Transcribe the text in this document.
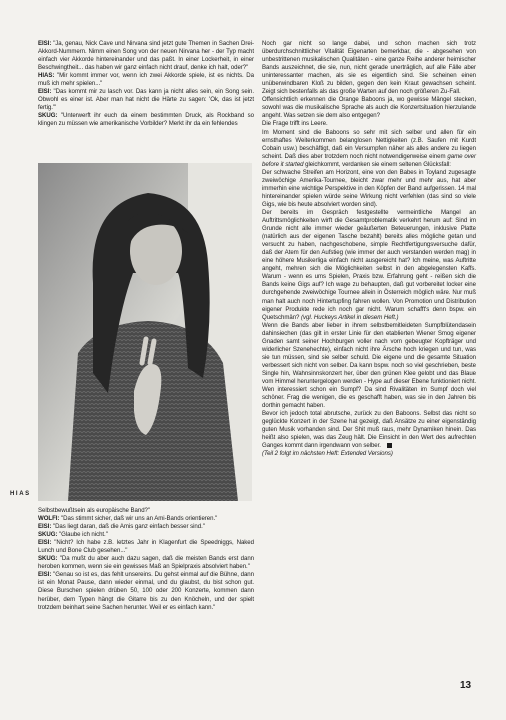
EISI: "Ja, genau, Nick Cave und Nirvana sind jetzt gute Themen in Sachen Drei-Akkord-Nummern. Nimm einen Song von der neuen Nirvana her - der Typ macht einfach vier Akkorde hintereinander und das paßt. In einer Lockerheit, in einer Beschwingtheit... das haben wir ganz einfach nicht drauf, denke ich halt, oder?"

HIAS: "Mir kommt immer vor, wenn ich zwei Akkorde spiele, ist es nichts. Da muß ich mehr spielen..."

EISI: "Das kommt mir zu lasch vor. Das kann ja nicht alles sein, ein Song sein. Obwohl es einer ist. Aber man hat nicht die Härte zu sagen: 'Ok, das ist jetzt fertig.'"

SKUG: "Unterwerft ihr euch da einem bestimmten Druck, als Rockband so klingen zu müssen wie amerikanische Vorbilder? Merkt ihr da ein fehlendes

HIAS

Selbstbewußtsein als europäische Band?"

WOLFI: "Das stimmt sicher, daß wir uns an Ami-Bands orientieren."

EISI: "Das liegt daran, daß die Amis ganz einfach besser sind."

SKUG: "Glaube ich nicht."

EISI: "Nicht? Ich habe z.B. letztes Jahr in Klagenfurt die Speedniggs, Naked Lunch und Bone Club gesehen..."

SKUG: "Da mußt du aber auch dazu sagen, daß die meisten Bands erst dann heroben kommen, wenn sie ein gewisses Maß an Spielpraxis absolviert haben."

EISI: "Genau so ist es, das fehlt unsereins. Du gehst einmal auf die Bühne, dann ist ein Monat Pause, dann wieder einmal, und du glaubst, du bist schon gut. Diese Burschen spielen drüben 50, 100 oder 200 Konzerte, kommen dann herüber, dem Typen hängt die Gitarre bis zu den Knöcheln, und der spielt trotzdem beinhart seine Sachen herunter. Weil er es einfach kann."

Noch gar nicht so lange dabei, und schon machen sich trotz überdurchschnittlicher Vitalität Eigenarten bemerkbar, die - abgesehen von unbestrittenen musikalischen Qualitäten - eine ganze Reihe anderer heimischer Bands auszeichnet, die sie, nun, nicht gerade unerträglich, auf alle Fälle aber uninteressanter machen, als sie es eigentlich sind. Sie scheinen einen unüberwindbaren Kloß zu bilden, gegen den kein Kraut gewachsen scheint. Zeigt sich bestenfalls als das große Warten auf den noch größeren Zu-Fall.

Offensichtlich erkennen die Orange Baboons ja, wo gewisse Mängel stecken, sowohl was die musikalische Sprache als auch die Konzertsituation hierzulande angeht. Was setzen sie dem also entgegen?

Die Frage trifft ins Leere.

Im Moment sind die Baboons so sehr mit sich selber und allen für ein ernsthaftes Weiterkommen belanglosen Nettigkeiten (z.B. Saufen mit Kurdt Cobain usw.) beschäftigt, daß ein Versumpfen näher als alles andere zu liegen scheint. Daß dies aber trotzdem noch nicht notwendigerweise einem game over before it started gleichkommt, verdanken sie einem seltenen Glücksfall:

Der schwache Streifen am Horizont, eine von den Babes in Toyland zugesagte zweiwöchige Amerika-Tournee, bleicht zwar mehr und mehr aus, hat aber immerhin eine wichtige Perspektive in den Köpfen der Band aufgerissen. 14 mal hintereinander spielen würde seine Wirkung nicht verfehlen (das sind so viele Gigs, wie bis heute absolviert worden sind).

Der bereits im Gespräch festgestellte vermeintliche Mangel an Auftrittsmöglichkeiten wirft die Gesamtproblematik verkehrt herum auf: Sind im Grunde nicht alle immer wieder geäußerten Beteuerungen, inklusive Platte (natürlich aus der eigenen Tasche bezahlt) bereits alles mögliche getan und versucht zu haben, nachgeschobene, simple Rechtfertigungsversuche dafür, daß der Atem für den Aufstieg (wie immer der auch verstanden werden mag) in eine höhere Musikerliga einfach nicht ausgereicht hat? Ich meine, was Auftritte angeht, mehren sich die Möglichkeiten selbst in den abgelegensten Kaffs. Warum - wenn es ums Spielen, Praxis bzw. Erfahrung geht - reißen sich die Bands keine Gigs auf? Ich wage zu behaupten, daß gut vorbereitet locker eine durchgehende zweiwöchige Tournee allein in Österreich möglich wäre. Nur muß man halt auch noch Hintertupfing fahren wollen. Von Promotion und Distribution eigener Produkte rede ich noch gar nicht. Warum schafft's denn bspw. ein Quetschmän? (vgl. Huckeys Artikel in diesem Heft.)

Wenn die Bands aber lieber in ihrem selbstbemitleideten Sumpfblütendasein dahinsiechen (das gilt in erster Linie für den etablierten Wiener Smog eigener Gnaden samt seiner Hochburgen voller nach vorn gebeugter Kopfträger und widerlicher Szenehechte), einfach nicht ihre Ärsche hoch kriegen und tun, was sie tun müssen, sind sie selber schuld. Die eigene und die gesamte Situation verbessert sich nicht von selber. Da kann bspw. noch so viel geschrieben, beste Single hin, Wahnsinnskonzert her, über den grünen Klee gelobt und das Blaue vom Himmel heruntergelogen werden - Hype auf dieser Ebene funktioniert nicht. Wen interessiert schon ein Sumpf? Da sind Rivalitäten im Sumpf doch viel schöner. Frag die wenigen, die es geschafft haben, was sie in den Jahren bis dorthin gemacht haben.

Bevor ich jedoch total abrutsche, zurück zu den Baboons. Selbst das nicht so geglückte Konzert in der Szene hat gezeigt, daß Ansätze zu einer eigenständig guten Musik vorhanden sind. Der Shit muß raus, mehr Dynamiken hinein. Das heißt also spielen, was das Zeug hält. Die Einsicht in den Wert des aufrechten Ganges kommt dann irgendwann von selber.

(Teil 2 folgt im nächsten Heft: Extended Versions)

13
